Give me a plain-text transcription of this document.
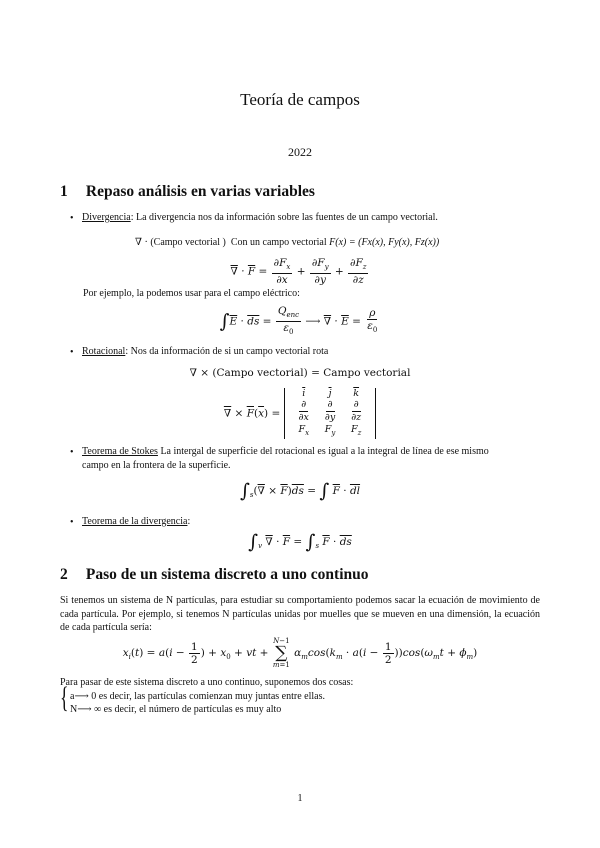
Teoría de campos
2022
1 Repaso análisis en varias variables
• Divergencia: La divergencia nos da información sobre las fuentes de un campo vectorial.
∇ · (Campo vectorial ) Con un campo vectorial F(x) = (Fx(x), Fy(x), Fz(x))
∇ · $\overline{F} = \frac{\partial F_x}{\partial x} + \frac{\partial F_y}{\partial y} + \frac{\partial F_z}{\partial z}$
Por ejemplo, la podemos usar para el campo eléctrico:
$\int\overline{E} \cdot \overline{ds} = \frac{Q_{enc}}{\varepsilon_0}$ ⟶ ∇ · $\overline{E} = \frac{\rho}{\varepsilon_0}$
• Rotacional: Nos da información de si un campo vectorial rota
∇ × (Campo vectorial) = Campo vectorial
∇ × $\overline{F}(\overline{x})$ =
$\overline{i}$	$\overline{j}$	$\overline{k}$

$\frac{\partial}{\partial x}$	$\frac{\partial}{\partial y}$	$\frac{\partial}{\partial z}$

$F_x$	$F_y$	$F_z$
• Teorema de Stokes La intergal de superficie del rotacional es igual a la integral de línea de ese mismo
campo en la frontera de la superficie.
$\int_s(\nabla \times \overline{F})\overline{ds}$ = ∫ $\overline{F} \cdot \overline{dl}$
• Teorema de la divergencia:
$\int_v$ ∇ · $\overline{F} = \int_s$ $\overline{F} \cdot \overline{ds}$
2 Paso de un sistema discreto a uno continuo
Si tenemos un sistema de N partículas, para estudiar su comportamiento podemos sacar la ecuación de movimiento de cada partícula. Por ejemplo, si tenemos N partículas unidas por muelles que se mueven en una dimensión, la ecuación de cada partícula sería:
$x_i(t) = a(i - \frac{1}{2}$ ) + $x_0$ + vt +
N−1
∑
m=1
$\alpha_m\cos(k_m \cdot a(i - \frac{1}{2} ))\cos(\omega_mt + \phi_m)$
Para pasar de este sistema discreto a uno continuo, suponemos dos cosas:
{ a⟶ 0 es decir, las partículas comienzan muy juntas entre ellas.
N⟶ ∞ es decir, el número de partículas es muy alto
1
